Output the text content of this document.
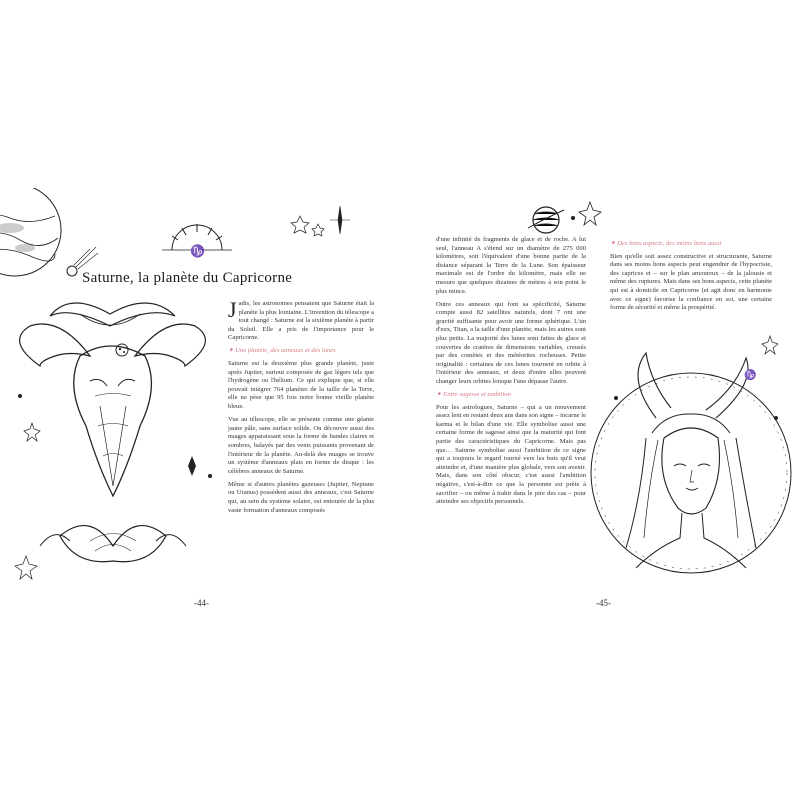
♑
Saturne, la planète du Capricorne

Jadis, les astronomes pensaient que Saturne était la planète la plus lointaine. L'invention du télescope a tout changé : Saturne est la sixième planète à partir du Soleil. Elle a pris de l'importance pour le Capricorne.

✦ Une planète, des anneaux et des lunes

Saturne est la deuxième plus grande planète, juste après Jupiter, surtout composée de gaz légers tels que l'hydrogène ou l'hélium. Ce qui explique que, si elle pouvait intégrer 764 planètes de la taille de la Terre, elle ne pèse que 95 fois notre bonne vieille planète bleue.

Vue au télescope, elle se présente comme une géante jaune pâle, sans surface solide. On découvre aussi des nuages apparaissant sous la forme de bandes claires et sombres, balayés par des vents puissants provenant de l'intérieur de la planète. Au-delà des nuages se trouve un système d'anneaux plats en forme de disque : les célèbres anneaux de Saturne.

Même si d'autres planètes gazeuses (Jupiter, Neptune ou Uranus) possèdent aussi des anneaux, c'est Saturne qui, au sein du système solaire, est entourée de la plus vaste formation d'anneaux composés

-44-

d'une infinité de fragments de glace et de roche. A lui seul, l'anneau A s'étend sur un diamètre de 275 000 kilomètres, soit l'équivalent d'une bonne partie de la distance séparant la Terre de la Lune. Son épaisseur maximale est de l'ordre du kilomètre, mais elle ne mesure que quelques dizaines de mètres à son point le plus mince.

Outre ces anneaux qui font sa spécificité, Saturne compte aussi 82 satellites naturels, dont 7 ont une gravité suffisante pour avoir une forme sphérique. L'un d'eux, Titan, a la taille d'une planète, mais les autres sont plus petits. La majorité des lunes sont faites de glace et couvertes de cratères de dimensions variables, creusés par des comètes et des météorites rocheuses. Petite originalité : certaines de ces lunes tournent en orbite à l'intérieur des anneaux, et deux d'entre elles peuvent changer leurs orbites lorsque l'une dépasse l'autre.

✦ Entre sagesse et ambition

Pour les astrologues, Saturne – qui a un mouvement assez lent en restant deux ans dans son signe – incarne le karma et le bilan d'une vie. Elle symbolise aussi une certaine forme de sagesse ainsi que la maturité qui font partie des caractéristiques du Capricorne. Mais pas que… Saturne symbolise aussi l'ambition de ce signe qui a toujours le regard tourné vers les buts qu'il veut atteindre et, d'une manière plus globale, vers son avenir. Mais, dans son côté obscur, c'est aussi l'ambition négative, c'est-à-dire ce que la personne est prête à sacrifier – ou même à trahir dans le pire des cas – pour atteindre ses objectifs personnels.

✦ Des bons aspects, des moins bons aussi

Bien qu'elle soit assez constructive et structurante, Saturne dans ses moins bons aspects peut engendrer de l'hypocrisie, des caprices et – sur le plan amoureux – de la jalousie et même des ruptures. Mais dans ses bons aspects, cette planète qui est à domicile en Capricorne (et agit donc en harmonie avec ce signe) favorise la confiance en soi, une certaine forme de sécurité et même la prospérité.

♑
-45-
